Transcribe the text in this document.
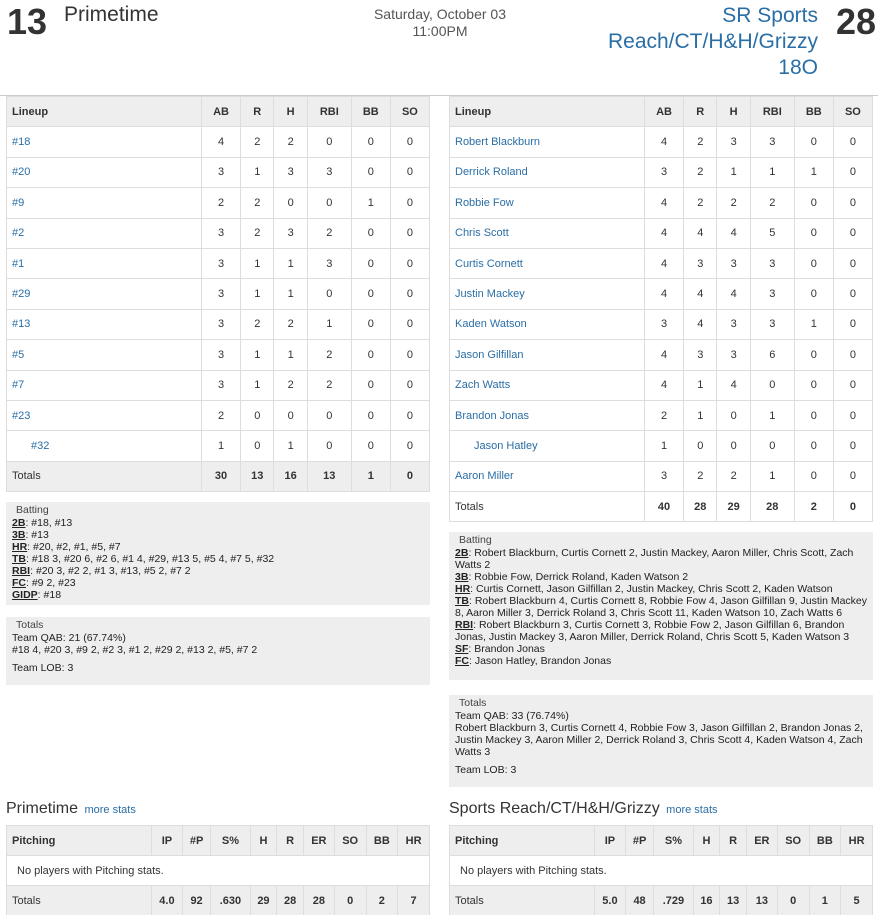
13 Primetime	Saturday, October 03
11:00PM
SR Sports
Reach/CT/H&H/Grizzy
18O
28
Lineup	AB	R	H	RBI	BB	SO
#18	4	2	2	0	0	0
#20	3	1	3	3	0	0
#9	2	2	0	0	1	0
#2	3	2	3	2	0	0
#1	3	1	1	3	0	0
#29	3	1	1	0	0	0
#13	3	2	2	1	0	0
#5	3	1	1	2	0	0
#7	3	1	2	2	0	0
#23	2	0	0	0	0	0
#32	1	0	1	0	0	0
Totals	30	13	16	13	1	0
Lineup	AB	R	H	RBI	BB	SO
Robert Blackburn	4	2	3	3	0	0
Derrick Roland	3	2	1	1	1	0
Robbie Fow	4	2	2	2	0	0
Chris Scott	4	4	4	5	0	0
Curtis Cornett	4	3	3	3	0	0
Justin Mackey	4	4	4	3	0	0
Kaden Watson	3	4	3	3	1	0
Jason Gilfillan	4	3	3	6	0	0
Zach Watts	4	1	4	0	0	0
Brandon Jonas	2	1	0	1	0	0
Jason Hatley	1	0	0	0	0	0
Aaron Miller	3	2	2	1	0	0
Totals	40	28	29	28	2	0
Batting
2B: #18, #13
3B: #13
HR: #20, #2, #1, #5, #7
TB: #18 3, #20 6, #2 6, #1 4, #29, #13 5, #5 4, #7 5, #32
RBI: #20 3, #2 2, #1 3, #13, #5 2, #7 2
FC: #9 2, #23
GIDP: #18
Totals
Team QAB: 21 (67.74%)
#18 4, #20 3, #9 2, #2 3, #1 2, #29 2, #13 2, #5, #7 2
Team LOB: 3
Batting
2B: Robert Blackburn, Curtis Cornett 2, Justin Mackey, Aaron Miller, Chris Scott, Zach Watts 2
3B: Robbie Fow, Derrick Roland, Kaden Watson 2
HR: Curtis Cornett, Jason Gilfillan 2, Justin Mackey, Chris Scott 2, Kaden Watson
TB: Robert Blackburn 4, Curtis Cornett 8, Robbie Fow 4, Jason Gilfillan 9, Justin Mackey 8, Aaron Miller 3, Derrick Roland 3, Chris Scott 11, Kaden Watson 10, Zach Watts 6
RBI: Robert Blackburn 3, Curtis Cornett 3, Robbie Fow 2, Jason Gilfillan 6, Brandon Jonas, Justin Mackey 3, Aaron Miller, Derrick Roland, Chris Scott 5, Kaden Watson 3
SF: Brandon Jonas
FC: Jason Hatley, Brandon Jonas
Totals
Team QAB: 33 (76.74%)
Robert Blackburn 3, Curtis Cornett 4, Robbie Fow 3, Jason Gilfillan 2, Brandon Jonas 2, Justin Mackey 3, Aaron Miller 2, Derrick Roland 3, Chris Scott 4, Kaden Watson 4, Zach Watts 3
Team LOB: 3
Primetime more stats	Sports Reach/CT/H&H/Grizzy more stats
Pitching	IP	#P	S%	H	R	ER	SO	BB	HR
No players with Pitching stats.									
Totals	4.0	92	.630	29	28	28	0	2	7
Pitching	IP	#P	S%	H	R	ER	SO	BB	HR
No players with Pitching stats.									
Totals	5.0	48	.729	16	13	13	0	1	5
